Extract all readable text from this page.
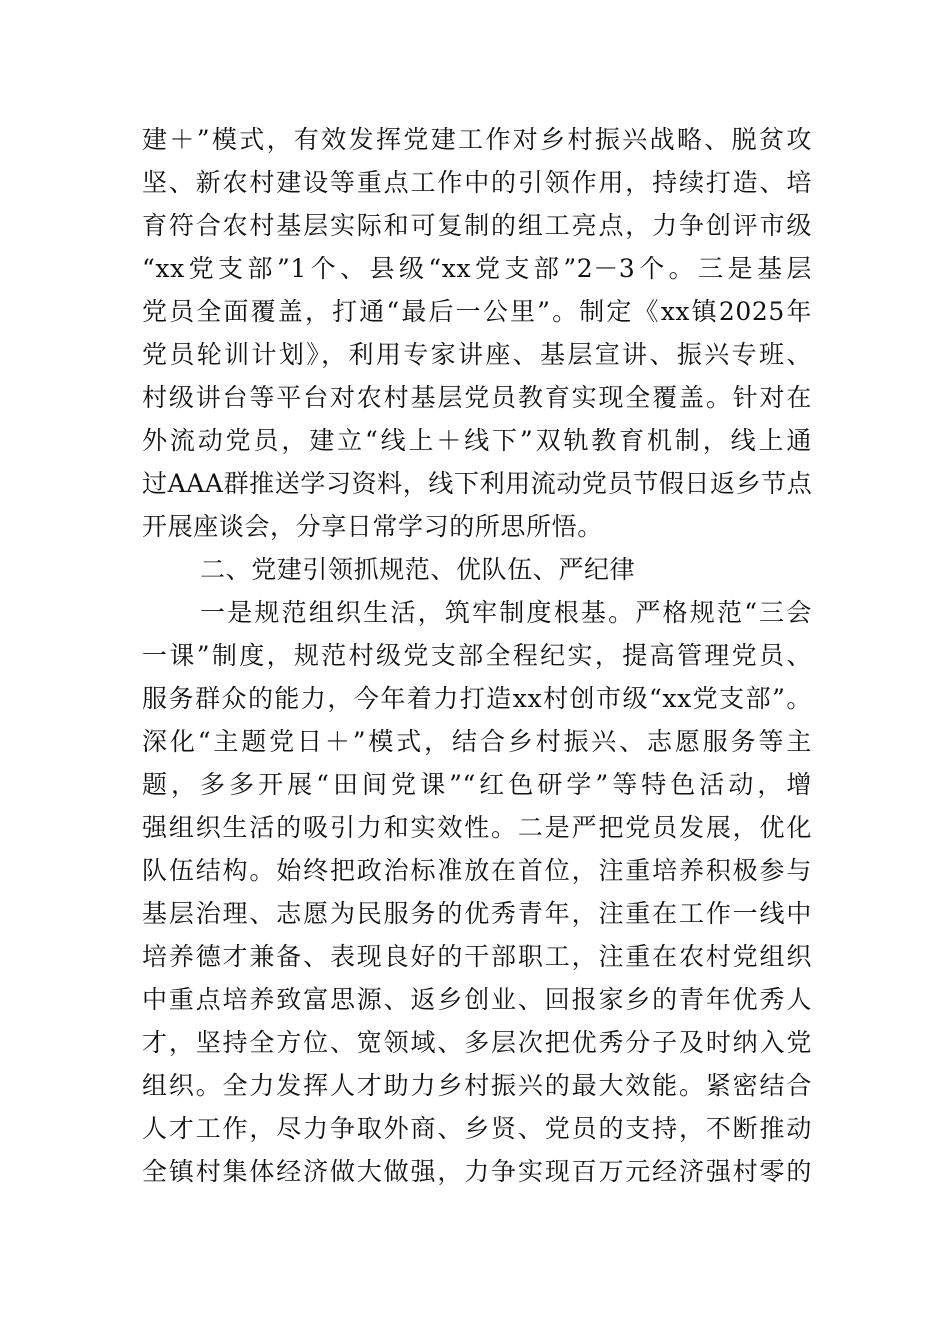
建＋”模式，有效发挥党建工作对乡村振兴战略、脱贫攻
坚、新农村建设等重点工作中的引领作用，持续打造、培
育符合农村基层实际和可复制的组工亮点，力争创评市级
“xx党支部”1个、县级“xx党支部”2－3个。三是基层
党员全面覆盖，打通“最后一公里”。制定《xx镇2025年
党员轮训计划》，利用专家讲座、基层宣讲、振兴专班、
村级讲台等平台对农村基层党员教育实现全覆盖。针对在
外流动党员，建立“线上＋线下”双轨教育机制，线上通
过AAA群推送学习资料，线下利用流动党员节假日返乡节点
开展座谈会，分享日常学习的所思所悟。
二、党建引领抓规范、优队伍、严纪律
一是规范组织生活，筑牢制度根基。严格规范“三会
一课”制度，规范村级党支部全程纪实，提高管理党员、
服务群众的能力，今年着力打造xx村创市级“xx党支部”。
深化“主题党日＋”模式，结合乡村振兴、志愿服务等主
题，多多开展“田间党课”“红色研学”等特色活动，增
强组织生活的吸引力和实效性。二是严把党员发展，优化
队伍结构。始终把政治标准放在首位，注重培养积极参与
基层治理、志愿为民服务的优秀青年，注重在工作一线中
培养德才兼备、表现良好的干部职工，注重在农村党组织
中重点培养致富思源、返乡创业、回报家乡的青年优秀人
才，坚持全方位、宽领域、多层次把优秀分子及时纳入党
组织。全力发挥人才助力乡村振兴的最大效能。紧密结合
人才工作，尽力争取外商、乡贤、党员的支持，不断推动
全镇村集体经济做大做强，力争实现百万元经济强村零的
